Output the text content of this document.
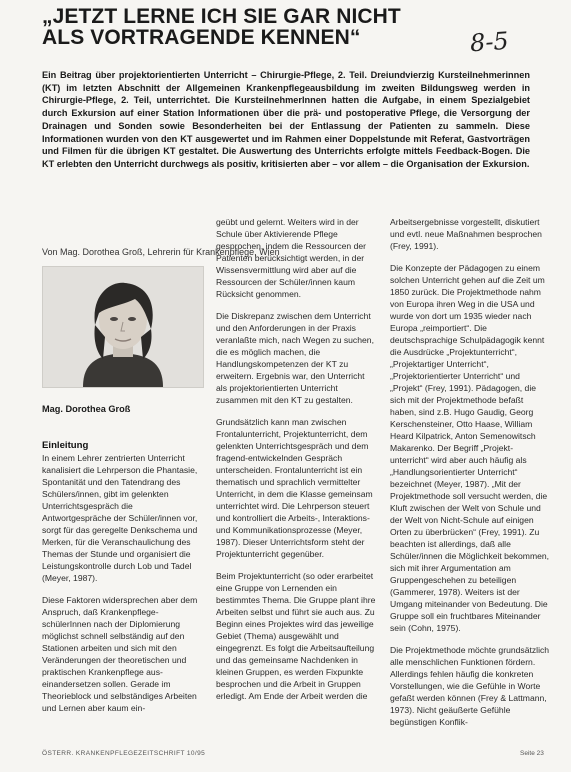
„JETZT LERNE ICH SIE GAR NICHT
ALS VORTRAGENDE KENNEN“	8-5

Ein Beitrag über projektorientierten Unterricht – Chirurgie-Pflege, 2. Teil. Dreiundvierzig Kursteilnehmerinnen (KT) im letzten Abschnitt der Allgemeinen Krankenpflegeausbildung im zweiten Bildungsweg werden in Chirurgie-Pflege, 2. Teil, unterrichtet. Die KursteilnehmerInnen hatten die Aufgabe, in einem Spezialgebiet durch Exkursion auf einer Station Informationen über die prä- und postoperative Pflege, die Versorgung der Drainagen und Sonden sowie Besonderheiten bei der Entlassung der Patienten zu sammeln. Diese Informationen wurden von den KT ausgewertet und im Rahmen einer Doppelstunde mit Referat, Gastvorträgen und Filmen für die übrigen KT gestaltet. Die Auswertung des Unterrichts erfolgte mittels Feedback-Bogen. Die KT erlebten den Unterricht durchwegs als positiv, kritisierten aber – vor allem – die Organisation der Exkursion.

Von Mag. Dorothea Groß, Lehrerin für Krankenpflege, Wien
Mag. Dorothea Groß
Einleitung

In einem Lehrer zentrierten Unterricht kanalisiert die Lehrperson die Phantasie, Spontanität und den Tatendrang des Schülers/innen, gibt im gelenkten Unterrichtsgespräch die Antwortgespräche der Schüler/innen vor, sorgt für das geregelte Denkschema und Merken, für die Veranschaulichung des Themas der Stunde und organisiert die Leistungskontrolle durch Lob und Tadel (Meyer, 1987).

Diese Faktoren widersprechen aber dem Anspruch, daß Krankenpflege-schülerInnen nach der Diplomierung möglichst schnell selbständig auf den Stationen arbeiten und sich mit den Veränderungen der theoretischen und praktischen Krankenpflege aus-einandersetzen sollen. Gerade im Theorieblock und selbständiges Arbeiten und Lernen aber kaum ein-

geübt und gelernt. Weiters wird in der Schule über Aktivierende Pflege gesprochen, indem die Ressourcen der Patienten berücksichtigt werden, in der Wissensvermittlung wird aber auf die Ressourcen der Schüler/innen kaum Rücksicht genommen.

Die Diskrepanz zwischen dem Unterricht und den Anforderungen in der Praxis veranlaßte mich, nach Wegen zu suchen, die es möglich machen, die Handlungskompetenzen der KT zu erweitern. Ergebnis war, den Unterricht als projektorientierten Unterricht zusammen mit den KT zu gestalten.

Grundsätzlich kann man zwischen Frontalunterricht, Projektunterricht, dem gelenkten Unterrichtsgespräch und dem fragend-entwickelnden Gespräch unterscheiden. Frontalunterricht ist ein thematisch und sprachlich vermittelter Unterricht, in dem die Klasse gemeinsam unterrichtet wird. Die Lehrperson steuert und kontrolliert die Arbeits-, Interaktions- und Kommunikationsprozesse (Meyer, 1987). Dieser Unterrichtsform steht der Projektunterricht gegenüber.

Beim Projektunterricht (so oder erarbeitet eine Gruppe von Lernenden ein bestimmtes Thema. Die Gruppe plant ihre Arbeiten selbst und führt sie auch aus. Zu Beginn eines Projektes wird das jeweilige Gebiet (Thema) ausgewählt und eingegrenzt. Es folgt die Arbeitsaufteilung und das gemeinsame Nachdenken in kleinen Gruppen, es werden Fixpunkte besprochen und die Arbeit in Gruppen erledigt. Am Ende der Arbeit werden die

Arbeitsergebnisse vorgestellt, diskutiert und evtl. neue Maßnahmen besprochen (Frey, 1991).

Die Konzepte der Pädagogen zu einem solchen Unterricht gehen auf die Zeit um 1850 zurück. Die Projektmethode nahm von Europa ihren Weg in die USA und wurde von dort um 1935 wieder nach Europa „reimportiert“. Die deutschsprachige Schulpädagogik kennt die Ausdrücke „Projektunterricht“, „Projektartiger Unterricht“, „Projektorientierter Unterricht“ und „Projekt“ (Frey, 1991). Pädagogen, die sich mit der Projektmethode befaßt haben, sind z.B. Hugo Gaudig, Georg Kerschensteiner, Otto Haase, William Heard Kilpatrick, Anton Semenowitsch Makarenko. Der Begriff „Projekt-unterricht“ wird aber auch häufig als „Handlungsorientierter Unterricht“ bezeichnet (Meyer, 1987). „Mit der Projektmethode soll versucht werden, die Kluft zwischen der Welt von Schule und der Welt von Nicht-Schule auf einigen Orten zu überbrücken“ (Frey, 1991). Zu beachten ist allerdings, daß alle Schüler/innen die Möglichkeit bekommen, sich mit ihrer Argumentation am Gruppengeschehen zu beteiligen (Gammerer, 1978). Weiters ist der Umgang miteinander von Bedeutung. Die Gruppe soll ein fruchtbares Miteinander sein (Cohn, 1975).

Die Projektmethode möchte grundsätzlich alle menschlichen Funktionen fördern. Allerdings fehlen häufig die konkreten Vorstellungen, wie die Gefühle in Worte gefaßt werden können (Frey & Lattmann, 1973). Nicht geäußerte Gefühle begünstigen Konflik-

ÖSTERR. KRANKENPFLEGEZEITSCHRIFT 10/95	Seite 23
